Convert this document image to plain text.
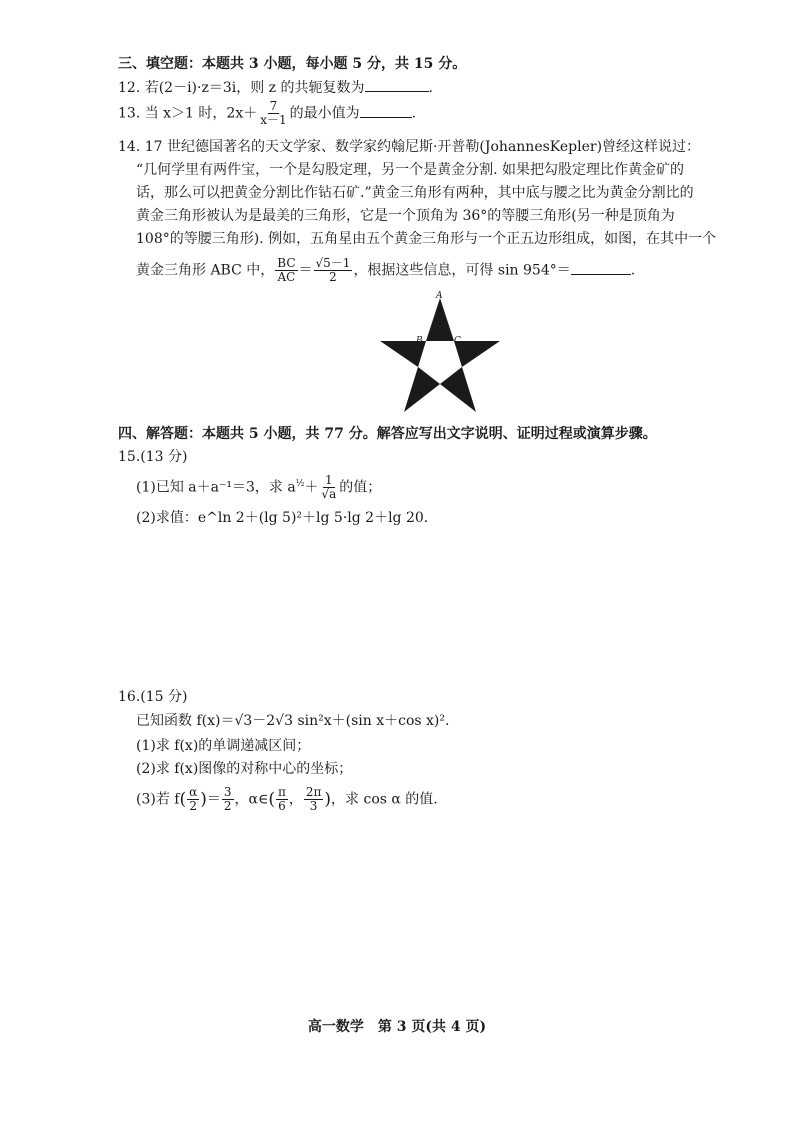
三、填空题：本题共 3 小题，每小题 5 分，共 15 分。
12. 若(2－i)·z＝3i，则 z 的共轭复数为	.
13. 当 x＞1 时，$2x+ \frac{7}{x-1}$ 的最小值为	.
14. 17 世纪德国著名的天文学家、数学家约翰尼斯·开普勒(JohannesKepler)曾经这样说过：
“几何学里有两件宝，一个是勾股定理，另一个是黄金分割. 如果把勾股定理比作黄金矿的
话，那么可以把黄金分割比作钻石矿.”黄金三角形有两种，其中底与腰之比为黄金分割比的
黄金三角形被认为是最美的三角形，它是一个顶角为 36°的等腰三角形(另一种是顶角为
108°的等腰三角形). 例如，五角星由五个黄金三角形与一个正五边形组成，如图，在其中一个
黄金三角形 ABC 中， $\frac{BC}{AC} = \frac{√5-1}{2}$ ，根据这些信息，可得 sin 954°＝	.
A
B	C
四、解答题：本题共 5 小题，共 77 分。解答应写出文字说明、证明过程或演算步骤。
15.(13 分)
(1)已知 a＋a⁻¹＝3，求 $a^{\frac{1}{2}}+ \frac{1}{√a}$ 的值；
(2)求值：e^ln 2＋(lg 5)²＋lg 5·lg 2＋lg 20.
16.(15 分)
已知函数 f(x)＝√3－2√3 sin²x＋(sin x＋cos x)².
(1)求 f(x)的单调递减区间；
(2)求 f(x)图像的对称中心的坐标；
(3)若 $f( \frac{\alpha}{2}$ )＝ $\frac{3}{2}$ ，α∈( $\frac{\pi}{6}$ ， $\frac{2\pi}{3}$ )，求 cos α 的值.
高一数学　第 3 页(共 4 页)
